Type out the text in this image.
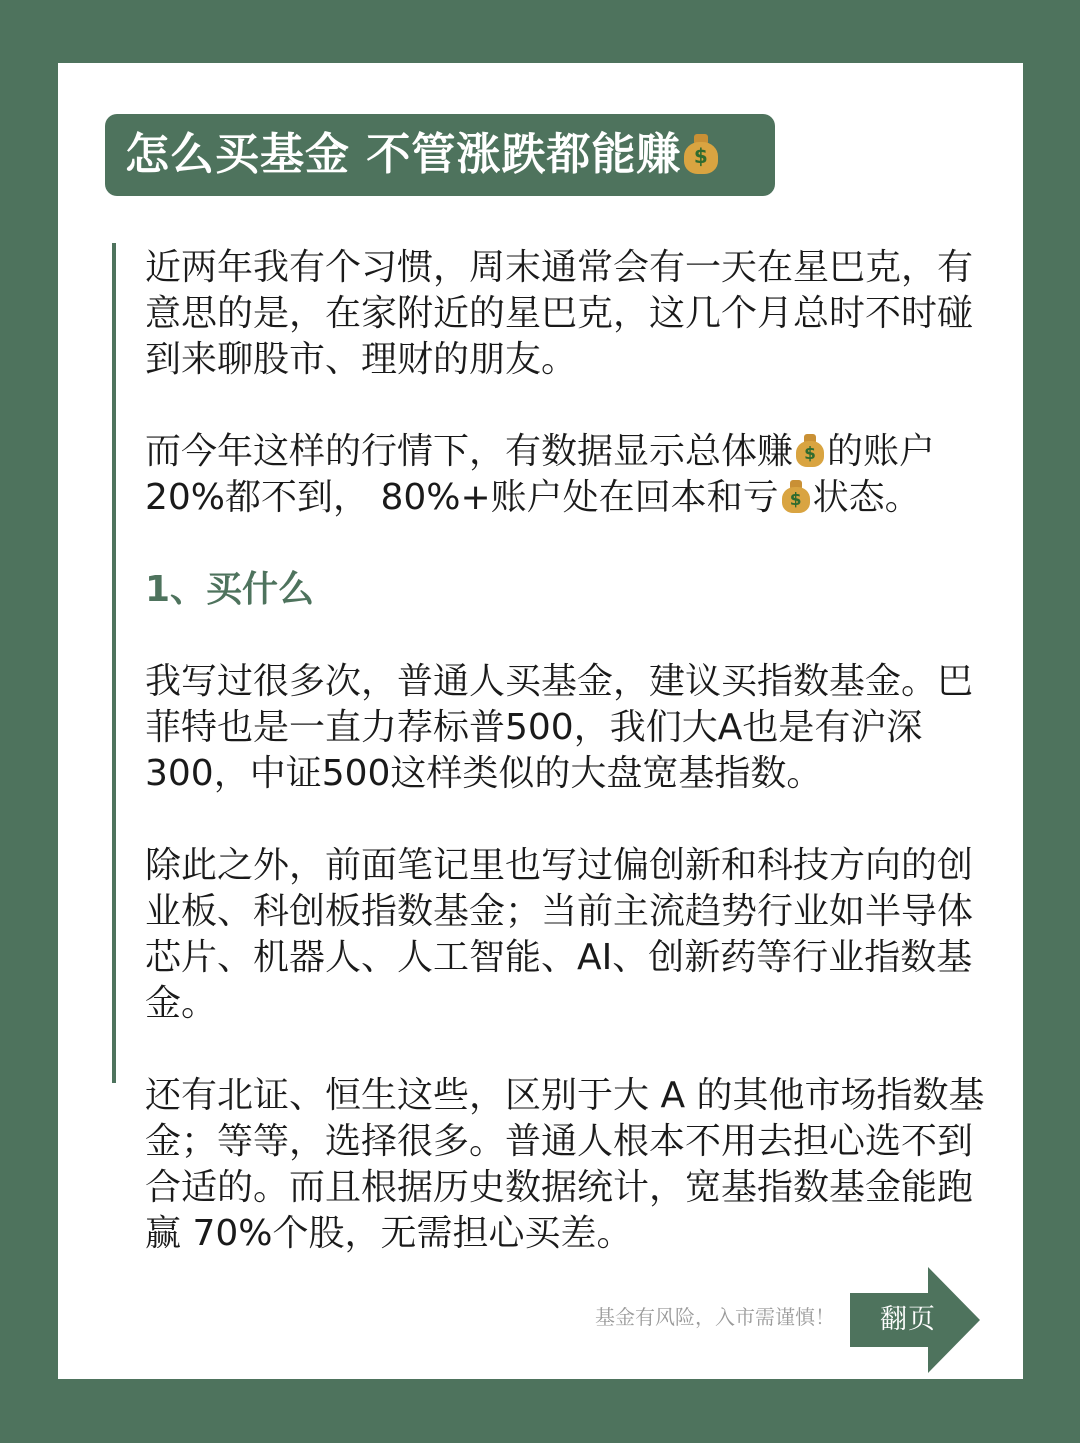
怎么买基金 不管涨跌都能赚 $

近两年我有个习惯，周末通常会有一天在星巴克，有意思的是，在家附近的星巴克，这几个月总时不时碰到来聊股市、理财的朋友。

而今年这样的行情下，有数据显示总体赚 $ 的账户20%都不到， 80%+账户处在回本和亏 $ 状态。

1、买什么

我写过很多次，普通人买基金，建议买指数基金。巴菲特也是一直力荐标普500，我们大A也是有沪深300，中证500这样类似的大盘宽基指数。

除此之外，前面笔记里也写过偏创新和科技方向的创业板、科创板指数基金；当前主流趋势行业如半导体芯片、机器人、人工智能、AI、创新药等行业指数基金。

还有北证、恒生这些，区别于大 A 的其他市场指数基金；等等，选择很多。普通人根本不用去担心选不到合适的。而且根据历史数据统计，宽基指数基金能跑赢 70%个股，无需担心买差。

基金有风险，入市需谨慎！	翻页
